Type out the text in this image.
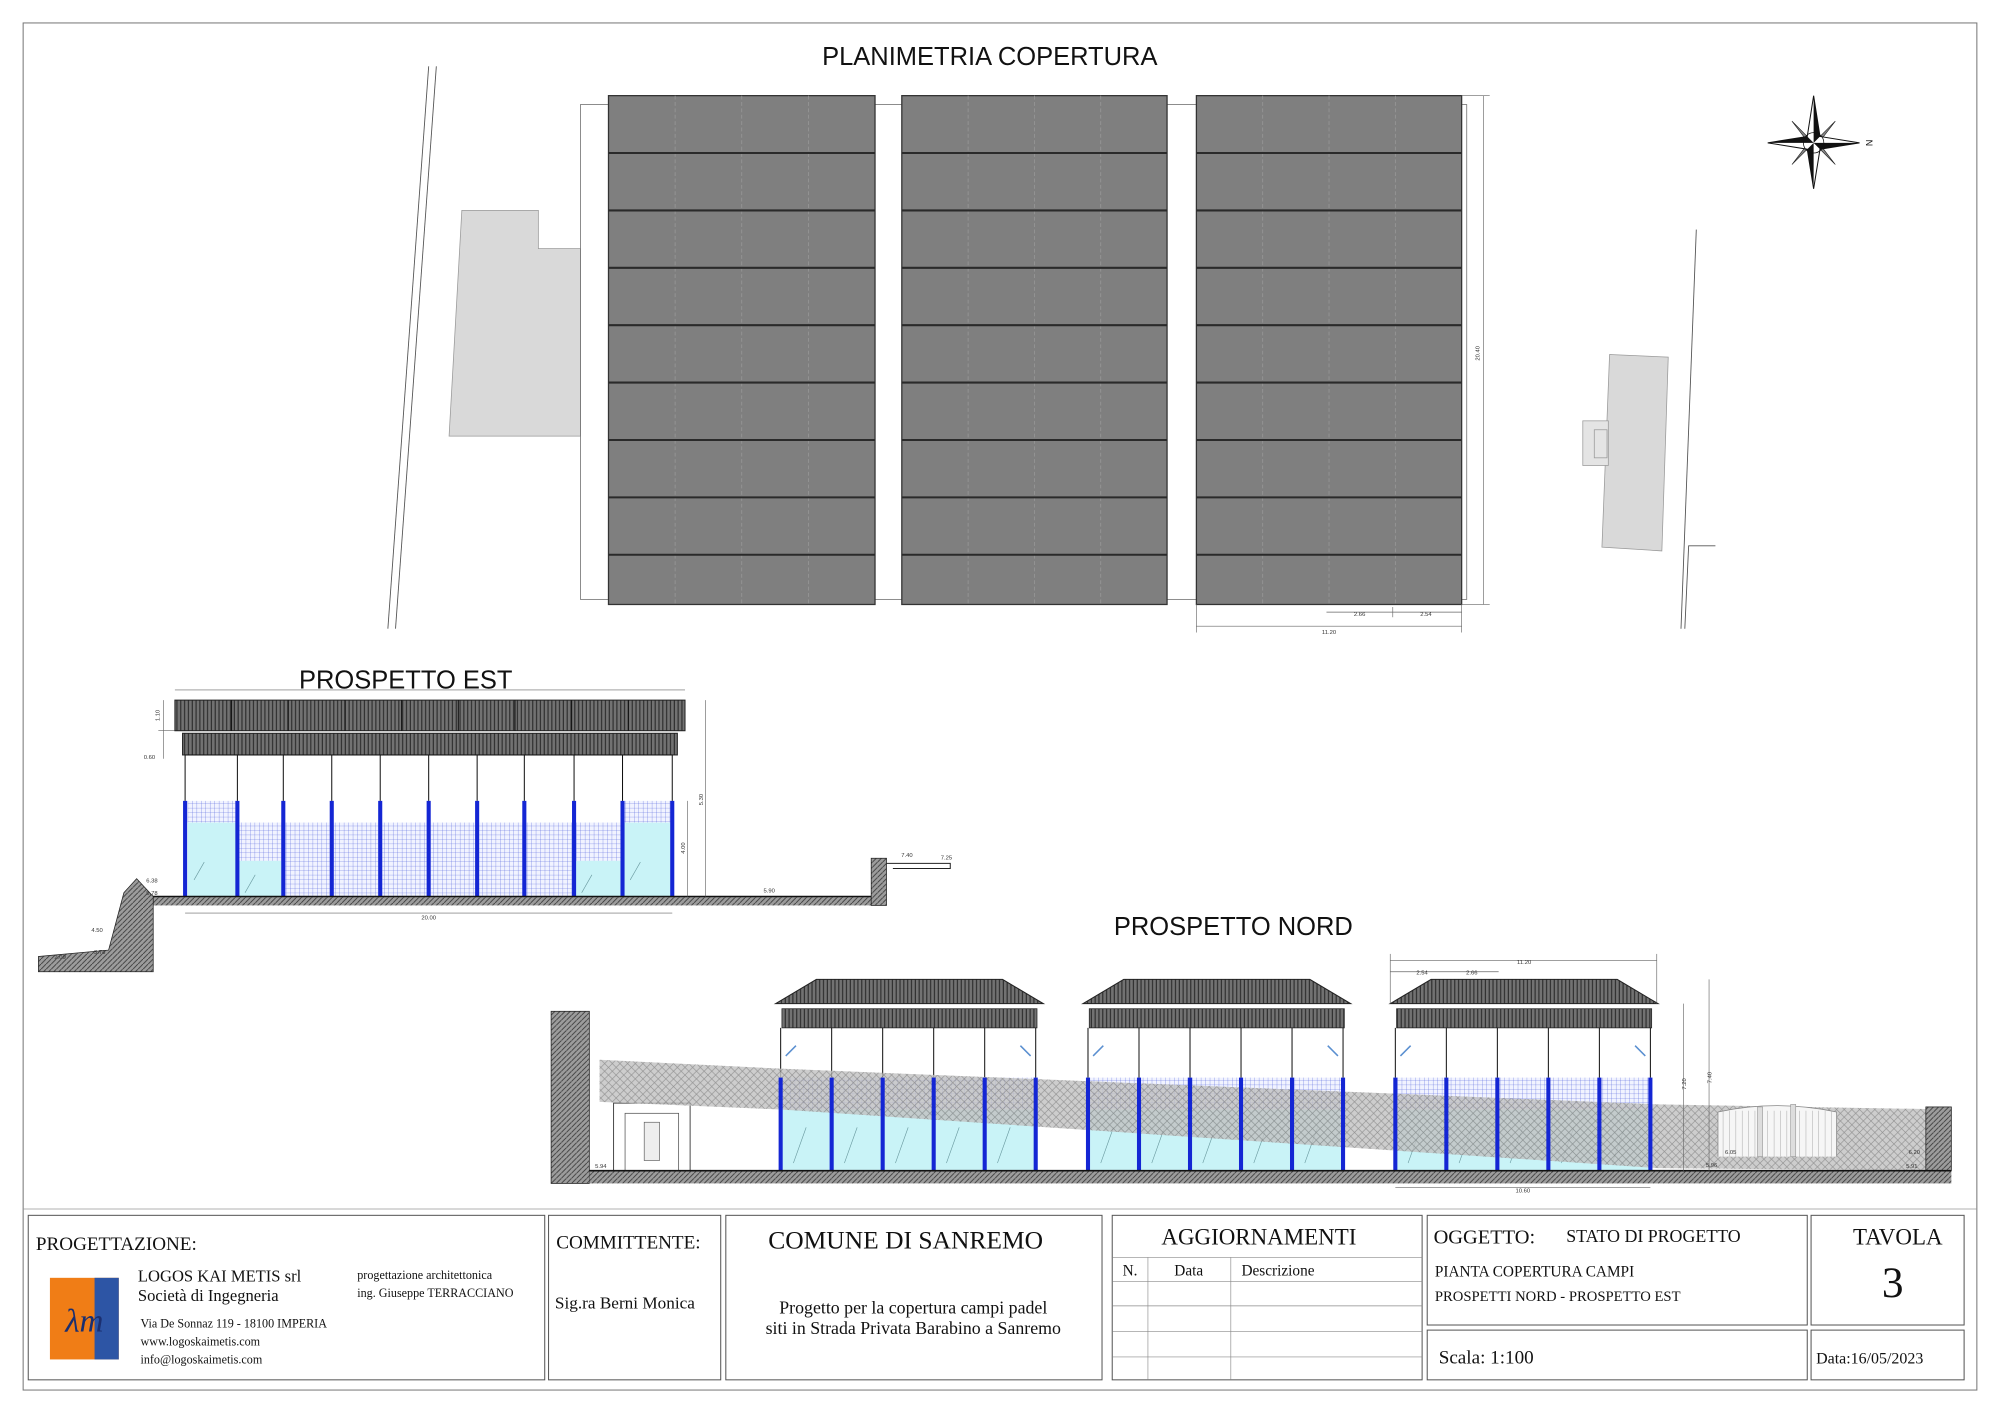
PLANIMETRIA COPERTURA
20.40
11.20
2.66	2.54
N
PROSPETTO EST
1.10
0.60
5.30
4.00
20.00
6.38
5.78
4.50
3.78
2.09
5.90
7.40	7.25
PROSPETTO NORD
11.20
2.54	2.66
7.20
7.40
10.60
5.94	5.96
6.05
5.91
6.20
PROGETTAZIONE:
λm
LOGOS KAI METIS srl
Società di Ingegneria
progettazione architettonica
ing. Giuseppe TERRACCIANO
Via De Sonnaz 119 - 18100 IMPERIA
www.logoskaimetis.com
info@logoskaimetis.com
COMMITTENTE:
Sig.ra Berni Monica
COMUNE DI SANREMO
Progetto per la copertura campi padel
siti in Strada Privata Barabino a Sanremo
AGGIORNAMENTI
N.	Data	Descrizione
OGGETTO: STATO DI PROGETTO
PIANTA COPERTURA CAMPI
PROSPETTI NORD - PROSPETTO EST
Scala: 1:100
TAVOLA
3
Data:16/05/2023
